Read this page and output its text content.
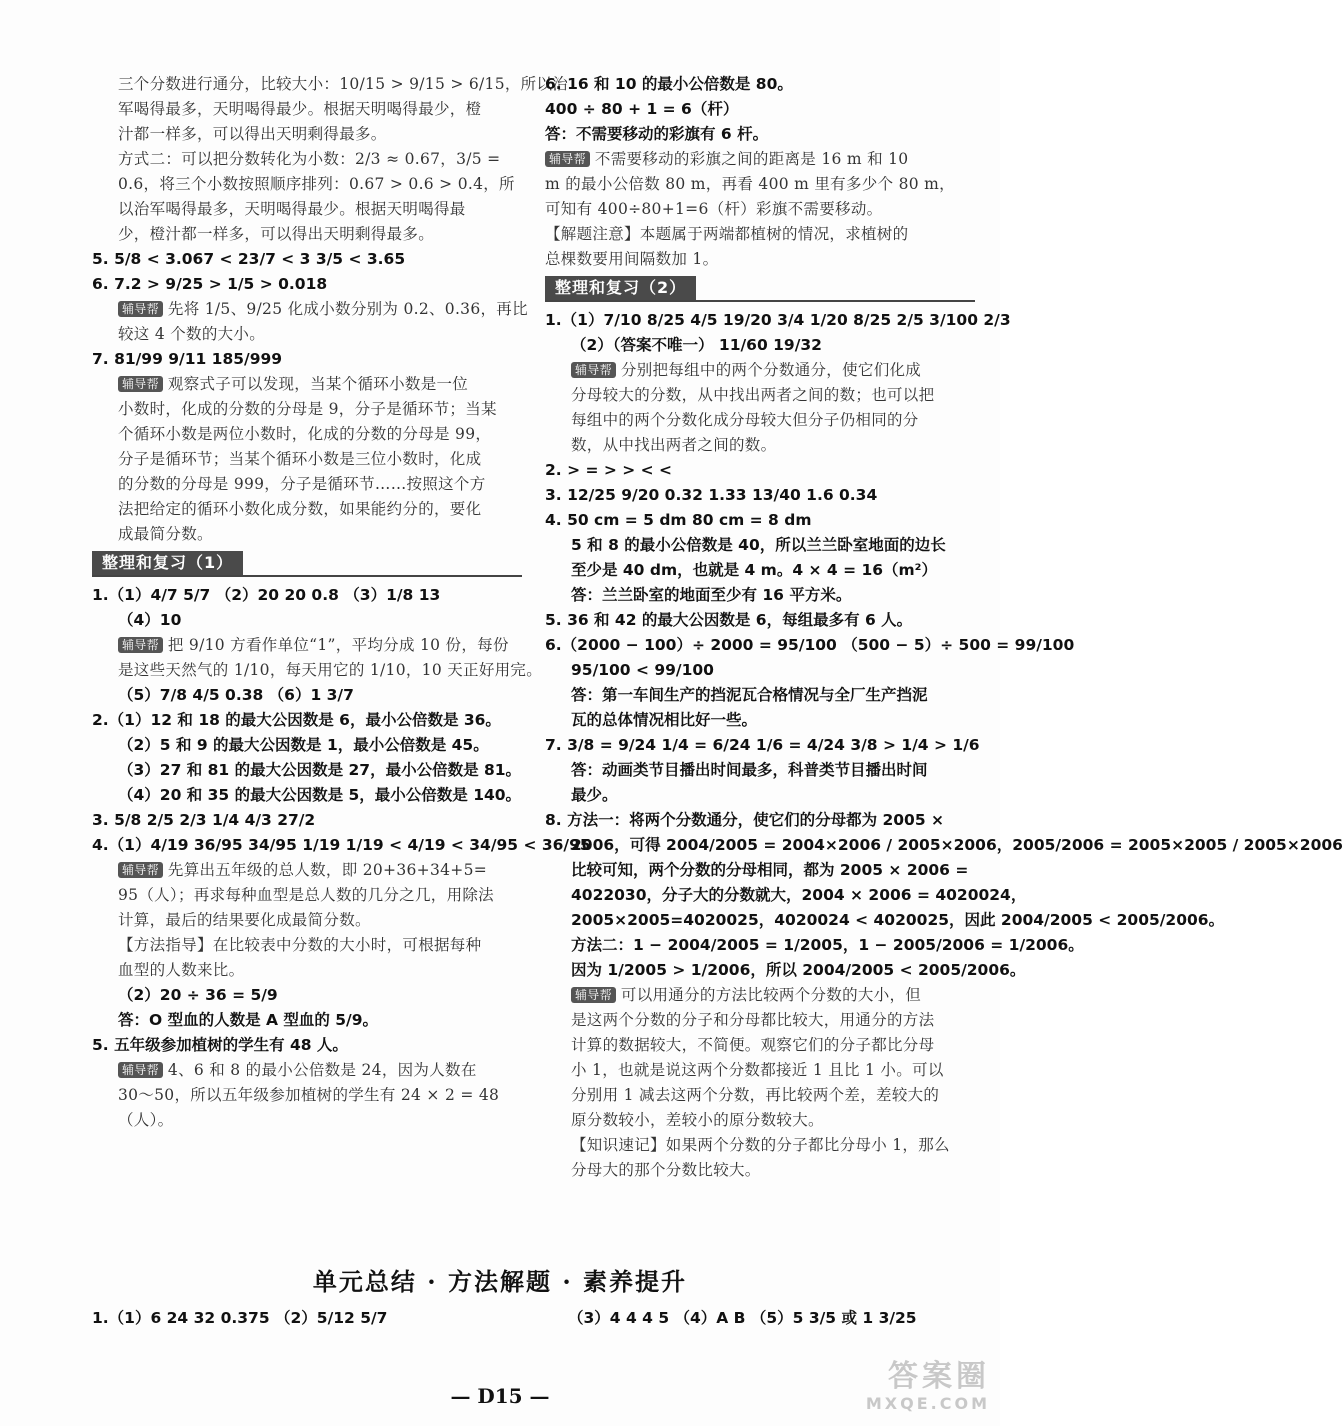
三个分数进行通分，比较大小：10/15 > 9/15 > 6/15，所以治
军喝得最多，天明喝得最少。根据天明喝得最少，橙
汁都一样多，可以得出天明剩得最多。
方式二：可以把分数转化为小数：2/3 ≈ 0.67，3/5 =
0.6，将三个小数按照顺序排列：0.67 > 0.6 > 0.4，所
以治军喝得最多，天明喝得最少。根据天明喝得最
少，橙汁都一样多，可以得出天明剩得最多。
5. 5/8 < 3.067 < 23/7 < 3 3/5 < 3.65
6. 7.2 > 9/25 > 1/5 > 0.018
辅导帮 先将 1/5、9/25 化成小数分别为 0.2、0.36，再比
较这 4 个数的大小。
7. 81/99 9/11 185/999
辅导帮 观察式子可以发现，当某个循环小数是一位
小数时，化成的分数的分母是 9，分子是循环节；当某
个循环小数是两位小数时，化成的分数的分母是 99，
分子是循环节；当某个循环小数是三位小数时，化成
的分数的分母是 999，分子是循环节……按照这个方
法把给定的循环小数化成分数，如果能约分的，要化
成最简分数。
整理和复习（1）
1.（1）4/7 5/7 （2）20 20 0.8 （3）1/8 13
（4）10
辅导帮 把 9/10 方看作单位“1”，平均分成 10 份，每份
是这些天然气的 1/10，每天用它的 1/10，10 天正好用完。
（5）7/8 4/5 0.38 （6）1 3/7
2.（1）12 和 18 的最大公因数是 6，最小公倍数是 36。
（2）5 和 9 的最大公因数是 1，最小公倍数是 45。
（3）27 和 81 的最大公因数是 27，最小公倍数是 81。
（4）20 和 35 的最大公因数是 5，最小公倍数是 140。
3. 5/8 2/5 2/3 1/4 4/3 27/2
4.（1）4/19 36/95 34/95 1/19 1/19 < 4/19 < 34/95 < 36/95
辅导帮 先算出五年级的总人数，即 20+36+34+5=
95（人）；再求每种血型是总人数的几分之几，用除法
计算，最后的结果要化成最简分数。
【方法指导】在比较表中分数的大小时，可根据每种
血型的人数来比。
（2）20 ÷ 36 = 5/9
答：O 型血的人数是 A 型血的 5/9。
5. 五年级参加植树的学生有 48 人。
辅导帮 4、6 和 8 的最小公倍数是 24，因为人数在
30～50，所以五年级参加植树的学生有 24 × 2 = 48
（人）。
6. 16 和 10 的最小公倍数是 80。
400 ÷ 80 + 1 = 6（杆）
答：不需要移动的彩旗有 6 杆。
辅导帮 不需要移动的彩旗之间的距离是 16 m 和 10
m 的最小公倍数 80 m，再看 400 m 里有多少个 80 m，
可知有 400÷80+1=6（杆）彩旗不需要移动。
【解题注意】本题属于两端都植树的情况，求植树的
总棵数要用间隔数加 1。
整理和复习（2）
1.（1）7/10 8/25 4/5 19/20 3/4 1/20 8/25 2/5 3/100 2/3
（2）（答案不唯一） 11/60 19/32
辅导帮 分别把每组中的两个分数通分，使它们化成
分母较大的分数，从中找出两者之间的数；也可以把
每组中的两个分数化成分母较大但分子仍相同的分
数，从中找出两者之间的数。
2. > = > > < <
3. 12/25 9/20 0.32 1.33 13/40 1.6 0.34
4. 50 cm = 5 dm 80 cm = 8 dm
5 和 8 的最小公倍数是 40，所以兰兰卧室地面的边长
至少是 40 dm，也就是 4 m。4 × 4 = 16（m²）
答：兰兰卧室的地面至少有 16 平方米。
5. 36 和 42 的最大公因数是 6，每组最多有 6 人。
6.（2000 − 100）÷ 2000 = 95/100 （500 − 5）÷ 500 = 99/100
95/100 < 99/100
答：第一车间生产的挡泥瓦合格情况与全厂生产挡泥
瓦的总体情况相比好一些。
7. 3/8 = 9/24 1/4 = 6/24 1/6 = 4/24 3/8 > 1/4 > 1/6
答：动画类节目播出时间最多，科普类节目播出时间
最少。
8. 方法一：将两个分数通分，使它们的分母都为 2005 ×
2006，可得 2004/2005 = 2004×2006 / 2005×2006，2005/2006 = 2005×2005 / 2005×2006
比较可知，两个分数的分母相同，都为 2005 × 2006 =
4022030，分子大的分数就大，2004 × 2006 = 4020024，
2005×2005=4020025，4020024 < 4020025，因此 2004/2005 < 2005/2006。
方法二：1 − 2004/2005 = 1/2005，1 − 2005/2006 = 1/2006。
因为 1/2005 > 1/2006，所以 2004/2005 < 2005/2006。
辅导帮 可以用通分的方法比较两个分数的大小，但
是这两个分数的分子和分母都比较大，用通分的方法
计算的数据较大，不简便。观察它们的分子都比分母
小 1，也就是说这两个分数都接近 1 且比 1 小。可以
分别用 1 减去这两个分数，再比较两个差，差较大的
原分数较小，差较小的原分数较大。
【知识速记】如果两个分数的分子都比分母小 1，那么
分母大的那个分数比较大。
单元总结 · 方法解题 · 素养提升
1.（1）6 24 32 0.375 （2）5/12 5/7	（3）4 4 4 5 （4）A B （5）5 3/5 或 1 3/25
— D15 —
答案圈
MXQE.COM
